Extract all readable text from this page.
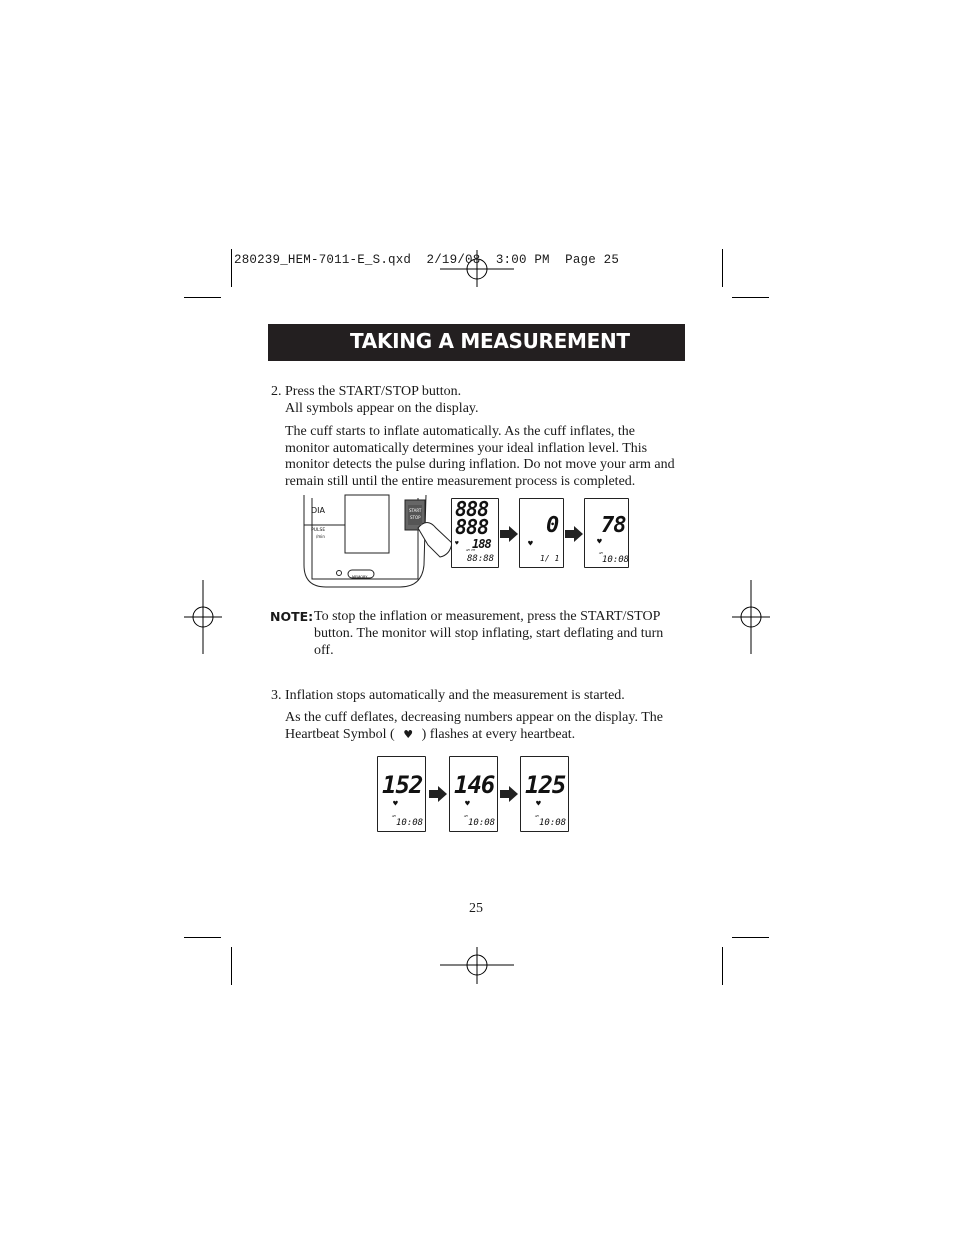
280239_HEM-7011-E_S.qxd  2/19/08  3:00 PM  Page 25
TAKING A MEASUREMENT
2. Press the START/STOP button.
All symbols appear on the display.
The cuff starts to inflate automatically. As the cuff inflates, the
monitor automatically determines your ideal inflation level. This
monitor detects the pulse during inflation. Do not move your arm and
remain still until the entire measurement process is completed.
DIA
PULSE
/min
START
STOP
MEMORY
888
888
188
♥
AM PM
88:88
0
♥
1/ 1
78
♥
AM
10:08
NOTE: To stop the inflation or measurement, press the START/STOP
button. The monitor will stop inflating, start deflating and turn
off.
3. Inflation stops automatically and the measurement is started.
As the cuff deflates, decreasing numbers appear on the display. The
Heartbeat Symbol ( ♥ ) flashes at every heartbeat.
152
♥
AM
10:08
146
♥
AM
10:08
125
♥
AM
10:08
25
